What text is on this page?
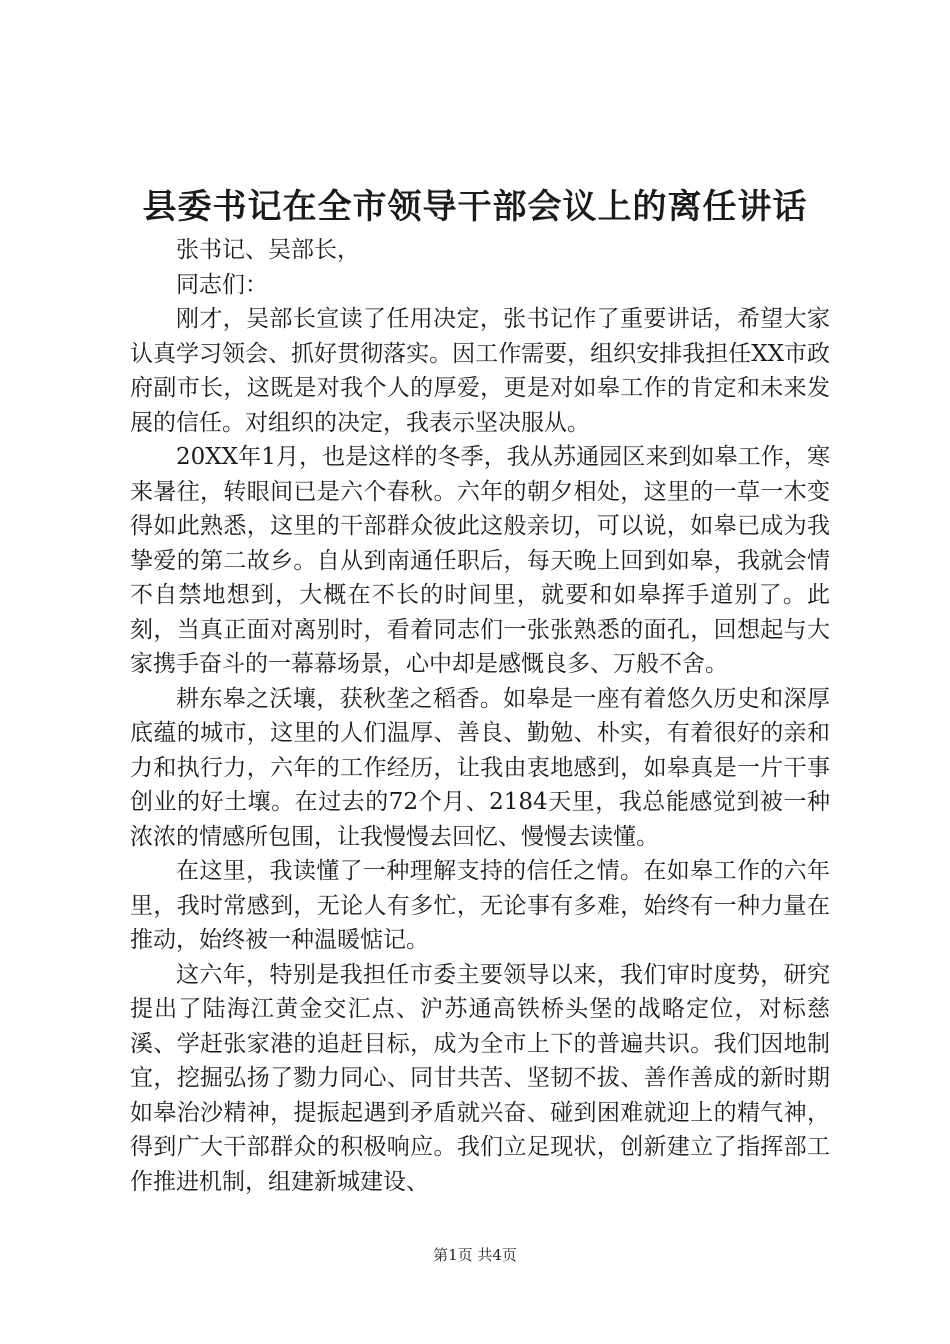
县委书记在全市领导干部会议上的离任讲话

张书记、吴部长，

同志们：

刚才，吴部长宣读了任用决定，张书记作了重要讲话，希望大家认真学习领会、抓好贯彻落实。因工作需要，组织安排我担任XX市政府副市长，这既是对我个人的厚爱，更是对如皋工作的肯定和未来发展的信任。对组织的决定，我表示坚决服从。

20XX年1月，也是这样的冬季，我从苏通园区来到如皋工作，寒来暑往，转眼间已是六个春秋。六年的朝夕相处，这里的一草一木变得如此熟悉，这里的干部群众彼此这般亲切，可以说，如皋已成为我挚爱的第二故乡。自从到南通任职后，每天晚上回到如皋，我就会情不自禁地想到，大概在不长的时间里，就要和如皋挥手道别了。此刻，当真正面对离别时，看着同志们一张张熟悉的面孔，回想起与大家携手奋斗的一幕幕场景，心中却是感慨良多、万般不舍。

耕东皋之沃壤，获秋垄之稻香。如皋是一座有着悠久历史和深厚底蕴的城市，这里的人们温厚、善良、勤勉、朴实，有着很好的亲和力和执行力，六年的工作经历，让我由衷地感到，如皋真是一片干事创业的好土壤。在过去的72个月、2184天里，我总能感觉到被一种浓浓的情感所包围，让我慢慢去回忆、慢慢去读懂。

在这里，我读懂了一种理解支持的信任之情。在如皋工作的六年里，我时常感到，无论人有多忙，无论事有多难，始终有一种力量在推动，始终被一种温暖惦记。

这六年，特别是我担任市委主要领导以来，我们审时度势，研究提出了陆海江黄金交汇点、沪苏通高铁桥头堡的战略定位，对标慈溪、学赶张家港的追赶目标，成为全市上下的普遍共识。我们因地制宜，挖掘弘扬了勠力同心、同甘共苦、坚韧不拔、善作善成的新时期如皋治沙精神，提振起遇到矛盾就兴奋、碰到困难就迎上的精气神，得到广大干部群众的积极响应。我们立足现状，创新建立了指挥部工作推进机制，组建新城建设、

第1页 共4页
